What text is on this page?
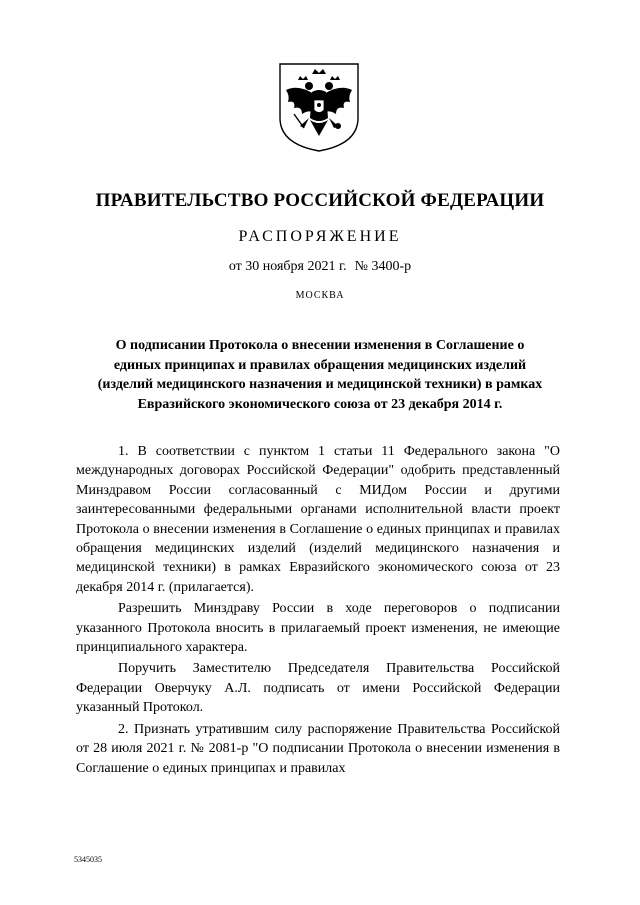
ПРАВИТЕЛЬСТВО РОССИЙСКОЙ ФЕДЕРАЦИИ
РАСПОРЯЖЕНИЕ
от 30 ноября 2021 г. № 3400-р
МОСКВА
О подписании Протокола о внесении изменения в Соглашение о
единых принципах и правилах обращения медицинских изделий
(изделий медицинского назначения и медицинской техники) в рамках
Евразийского экономического союза от 23 декабря 2014 г.

1. В соответствии с пунктом 1 статьи 11 Федерального закона "О международных договорах Российской Федерации" одобрить представленный Минздравом России согласованный с МИДом России и другими заинтересованными федеральными органами исполнительной власти проект Протокола о внесении изменения в Соглашение о единых принципах и правилах обращения медицинских изделий (изделий медицинского назначения и медицинской техники) в рамках Евразийского экономического союза от 23 декабря 2014 г. (прилагается).

Разрешить Минздраву России в ходе переговоров о подписании указанного Протокола вносить в прилагаемый проект изменения, не имеющие принципиального характера.

Поручить Заместителю Председателя Правительства Российской Федерации Оверчуку А.Л. подписать от имени Российской Федерации указанный Протокол.

2. Признать утратившим силу распоряжение Правительства Российской от 28 июля 2021 г. № 2081-р "О подписании Протокола о внесении изменения в Соглашение о единых принципах и правилах

5345035
